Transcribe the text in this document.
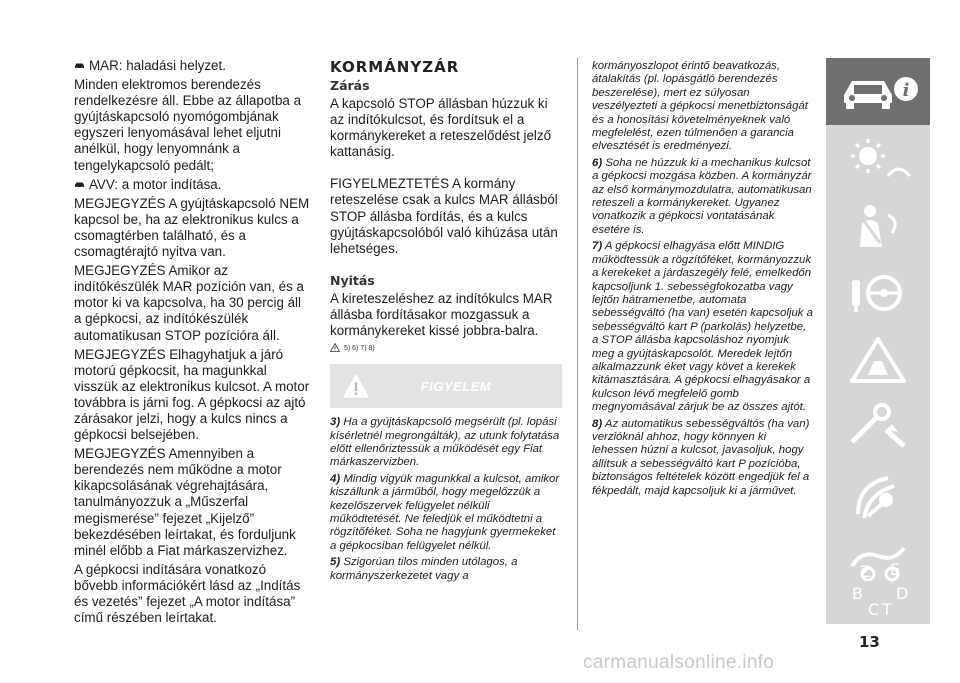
MAR: haladási helyzet.

Minden elektromos berendezés rendelkezésre áll. Ebbe az állapotba a gyújtáskapcsoló nyomógombjának egyszeri lenyomásával lehet eljutni anélkül, hogy lenyomnánk a tengelykapcsoló pedált;

AVV: a motor indítása.

MEGJEGYZÉS A gyújtáskapcsoló NEM kapcsol be, ha az elektronikus kulcs a csomagtérben található, és a csomagtérajtó nyitva van.

MEGJEGYZÉS Amikor az indítókészülék MAR pozíción van, és a motor ki va kapcsolva, ha 30 percig áll a gépkocsi, az indítókészülék automatikusan STOP pozícióra áll.

MEGJEGYZÉS Elhagyhatjuk a járó motorú gépkocsit, ha magunkkal visszük az elektronikus kulcsot. A motor továbbra is járni fog. A gépkocsi az ajtó zárásakor jelzi, hogy a kulcs nincs a gépkocsi belsejében.

MEGJEGYZÉS Amennyiben a berendezés nem működne a motor kikapcsolásának végrehajtására, tanulmányozzuk a „Műszerfal megismerése” fejezet „Kijelző” bekezdésében leírtakat, és forduljunk minél előbb a Fiat márkaszervizhez.

A gépkocsi indítására vonatkozó bővebb információkért lásd az „Indítás és vezetés” fejezet „A motor indítása” című részében leírtakat.

KORMÁNYZÁR
Zárás

A kapcsoló STOP állásban húzzuk ki az indítókulcsot, és fordítsuk el a kormánykereket a reteszelődést jelző kattanásig.

FIGYELMEZTETÉS A kormány reteszelése csak a kulcs MAR állásból STOP állásba fordítás, és a kulcs gyújtáskapcsolóból való kihúzása után lehetséges.

Nyitás

A kireteszeléshez az indítókulcs MAR állásba fordításakor mozgassuk a kormánykereket kissé jobbra-balra.

5) 6) 7) 8)
FIGYELEM

3) Ha a gyújtáskapcsoló megsérült (pl. lopási kísérletnél megrongálták), az utunk folytatása előtt ellenőriztessük a működését egy Fiat márkaszervizben.

4) Mindig vigyük magunkkal a kulcsot, amikor kiszállunk a járműből, hogy megelőzzük a kezelőszervek felügyelet nélküli működtetését. Ne feledjük el működtetni a rögzítőféket. Soha ne hagyjunk gyermekeket a gépkocsiban felügyelet nélkül.

5) Szigorúan tilos minden utólagos, a kormányszerkezetet vagy a

kormányoszlopot érintő beavatkozás, átalakítás (pl. lopásgátló berendezés beszerelése), mert ez súlyosan veszélyezteti a gépkocsi menetbiztonságát és a honosítási követelményeknek való megfelelést, ezen túlmenően a garancia elvesztését is eredményezi.

6) Soha ne húzzuk ki a mechanikus kulcsot a gépkocsi mozgása közben. A kormányzár az első kormánymozdulatra, automatikusan reteszeli a kormánykereket. Ugyanez vonatkozik a gépkocsi vontatásának esetére is.

7) A gépkocsi elhagyása előtt MINDIG működtessük a rögzítőféket, kormányozzuk a kerekeket a járdaszegély felé, emelkedőn kapcsoljunk 1. sebességfokozatba vagy lejtőn hátramenetbe, automata sebességváltó (ha van) esetén kapcsoljuk a sebességváltó kart P (parkolás) helyzetbe, a STOP állásba kapcsoláshoz nyomjuk meg a gyújtáskapcsolót. Meredek lejtőn alkalmazzunk éket vagy követ a kerekek kitámasztására. A gépkocsi elhagyásakor a kulcson lévő megfelelő gomb megnyomásával zárjuk be az összes ajtót.

8) Az automatikus sebességváltós (ha van) verzióknál ahhoz, hogy könnyen ki lehessen húzni a kulcsot, javasoljuk, hogy állítsuk a sebességváltó kart P pozícióba, biztonságos feltételek között engedjük fel a fékpedált, majd kapcsoljuk ki a járművet.

i
Z E
B
C T
D
13
carmanualsonline.info
